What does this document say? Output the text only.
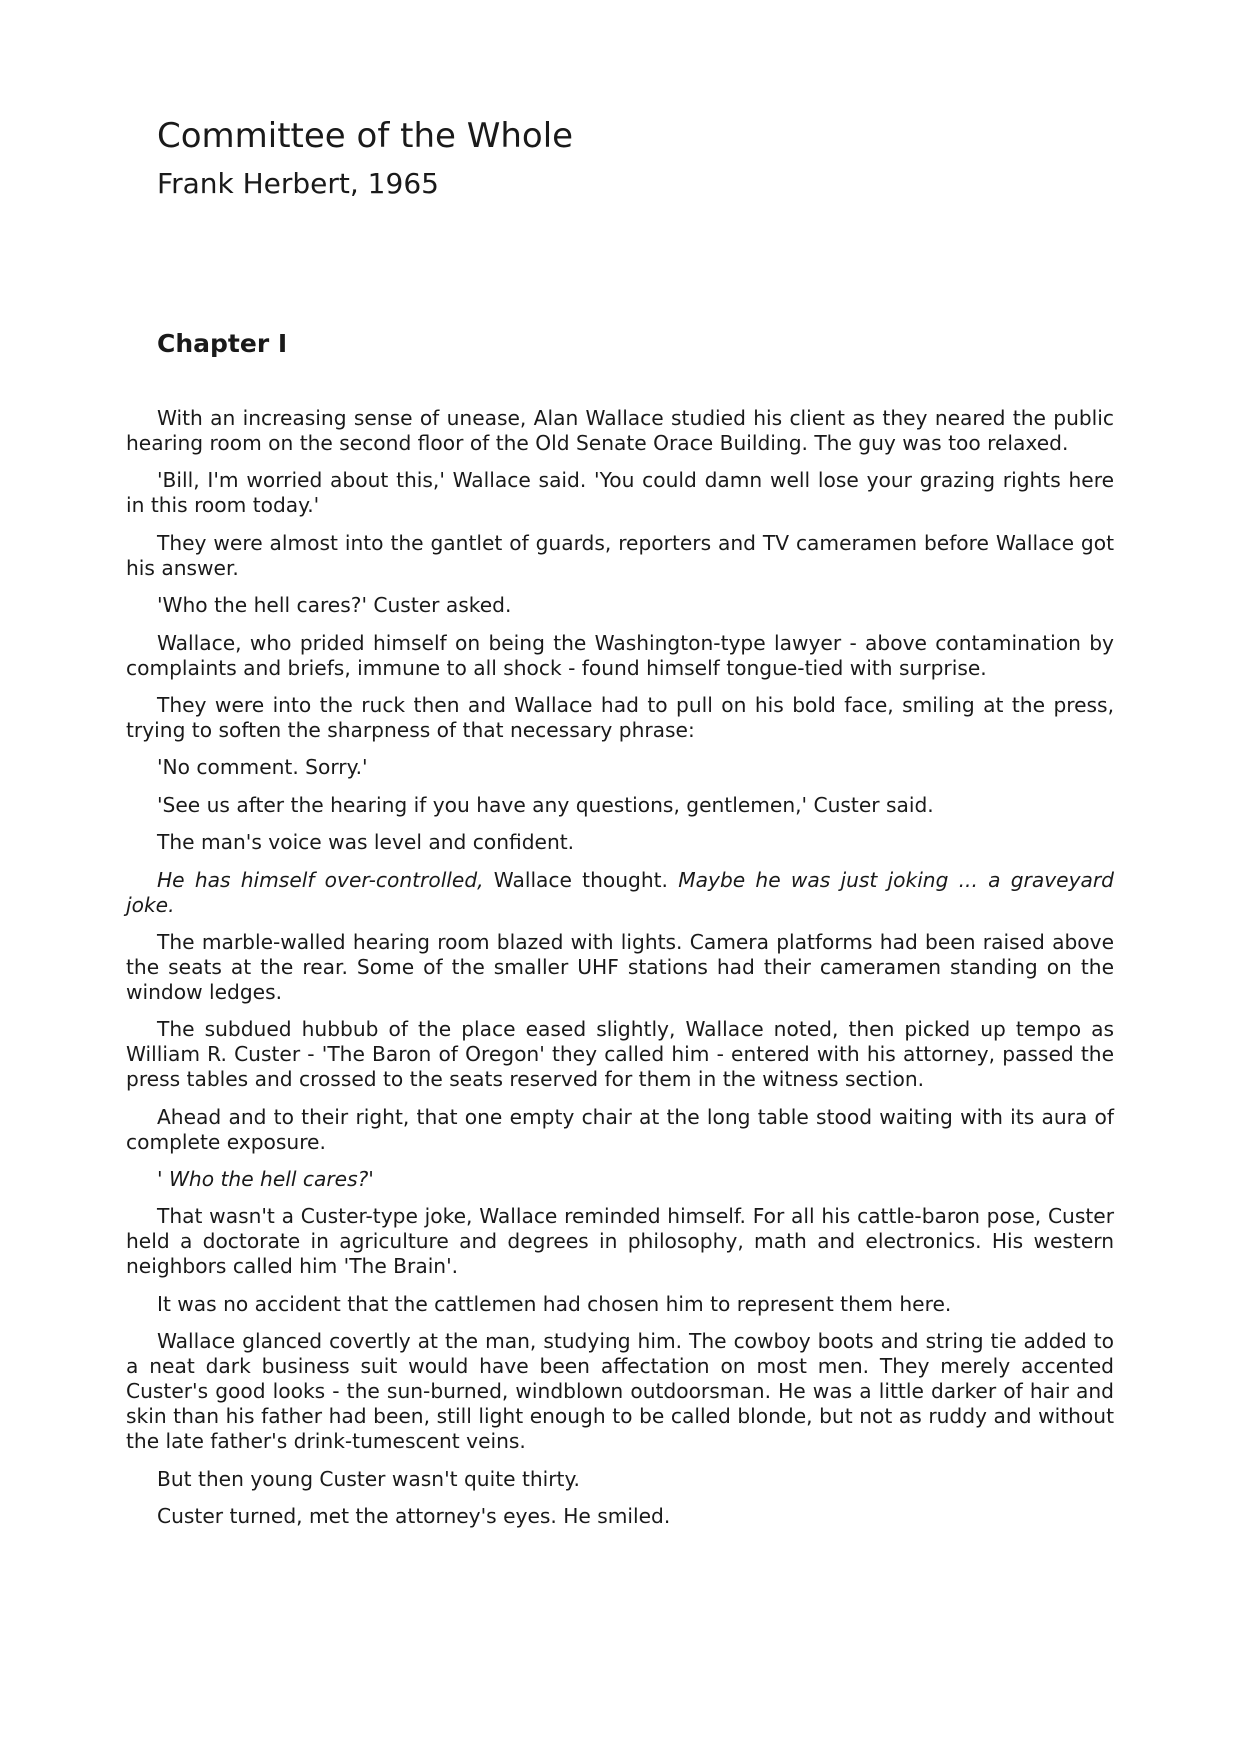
Committee of the Whole
Frank Herbert, 1965
Chapter I

With an increasing sense of unease, Alan Wallace studied his client as they neared the public hearing room on the second floor of the Old Senate Orace Building. The guy was too relaxed.

'Bill, I'm worried about this,' Wallace said. 'You could damn well lose your grazing rights here in this room today.'

They were almost into the gantlet of guards, reporters and TV cameramen before Wallace got his answer.

'Who the hell cares?' Custer asked.

Wallace, who prided himself on being the Washington-type lawyer - above contamination by complaints and briefs, immune to all shock - found himself tongue-tied with surprise.

They were into the ruck then and Wallace had to pull on his bold face, smiling at the press, trying to soften the sharpness of that necessary phrase:

'No comment. Sorry.'

'See us after the hearing if you have any questions, gentlemen,' Custer said.

The man's voice was level and confident.

He has himself over-controlled, Wallace thought. Maybe he was just joking ... a graveyard joke.

The marble-walled hearing room blazed with lights. Camera platforms had been raised above the seats at the rear. Some of the smaller UHF stations had their cameramen standing on the window ledges.

The subdued hubbub of the place eased slightly, Wallace noted, then picked up tempo as William R. Custer - 'The Baron of Oregon' they called him - entered with his attorney, passed the press tables and crossed to the seats reserved for them in the witness section.

Ahead and to their right, that one empty chair at the long table stood waiting with its aura of complete exposure.

' Who the hell cares?'

That wasn't a Custer-type joke, Wallace reminded himself. For all his cattle-baron pose, Custer held a doctorate in agriculture and degrees in philosophy, math and electronics. His western neighbors called him 'The Brain'.

It was no accident that the cattlemen had chosen him to represent them here.

Wallace glanced covertly at the man, studying him. The cowboy boots and string tie added to a neat dark business suit would have been affectation on most men. They merely accented Custer's good looks - the sun-burned, windblown outdoorsman. He was a little darker of hair and skin than his father had been, still light enough to be called blonde, but not as ruddy and without the late father's drink-tumescent veins.

But then young Custer wasn't quite thirty.

Custer turned, met the attorney's eyes. He smiled.
